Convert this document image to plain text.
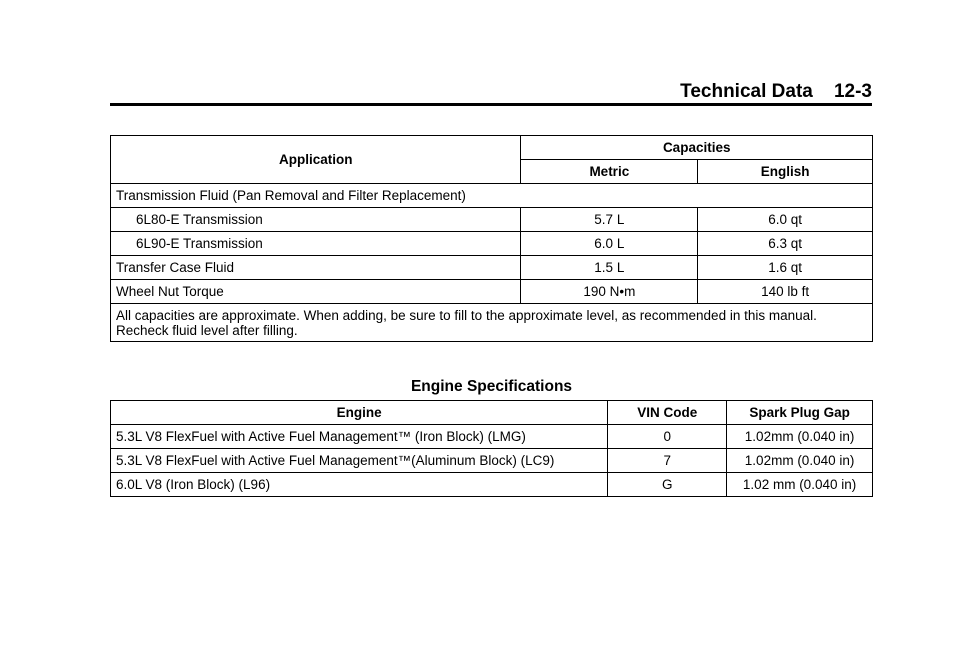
Technical Data 12-3
Application	Capacities	
	Metric	English
Transmission Fluid (Pan Removal and Filter Replacement)		
6L80-E Transmission	5.7 L	6.0 qt
6L90-E Transmission	6.0 L	6.3 qt
Transfer Case Fluid	1.5 L	1.6 qt
Wheel Nut Torque	190 N•m	140 lb ft
All capacities are approximate. When adding, be sure to fill to the approximate level, as recommended in this manual. Recheck fluid level after filling.		
Engine Specifications
Engine	VIN Code	Spark Plug Gap
5.3L V8 FlexFuel with Active Fuel Management™ (Iron Block) (LMG)	0	1.02mm (0.040 in)
5.3L V8 FlexFuel with Active Fuel Management™(Aluminum Block) (LC9)	7	1.02mm (0.040 in)
6.0L V8 (Iron Block) (L96)	G	1.02 mm (0.040 in)
